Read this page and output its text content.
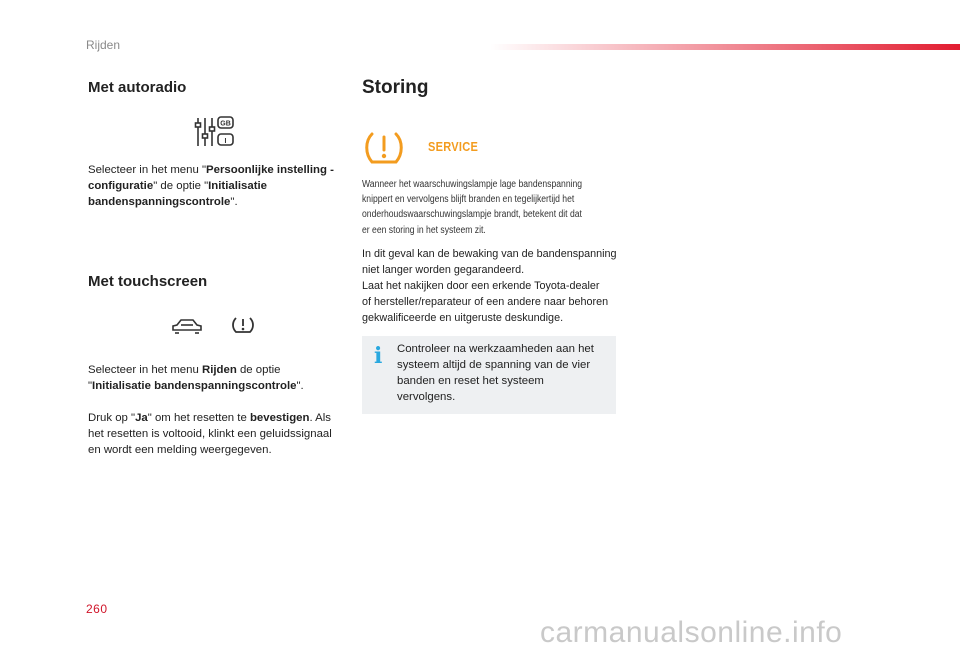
Rijden
Met autoradio
GB
I
Selecteer in het menu "Persoonlijke instelling - configuratie" de optie "Initialisatie bandenspanningscontrole".
Met touchscreen
Selecteer in het menu Rijden de optie "Initialisatie bandenspanningscontrole".
Druk op "Ja" om het resetten te bevestigen. Als het resetten is voltooid, klinkt een geluidssignaal en wordt een melding weergegeven.
Storing
SERVICE
Wanneer het waarschuwingslampje lage bandenspanning
knippert en vervolgens blijft branden en tegelijkertijd het
onderhoudswaarschuwingslampje brandt, betekent dit dat
er een storing in het systeem zit.
In dit geval kan de bewaking van de bandenspanning
niet langer worden gegarandeerd.
Laat het nakijken door een erkende Toyota-dealer
of hersteller/reparateur of een andere naar behoren
gekwalificeerde en uitgeruste deskundige.
i Controleer na werkzaamheden aan het systeem altijd de spanning van de vier banden en reset het systeem vervolgens.
260
carmanualsonline.info
